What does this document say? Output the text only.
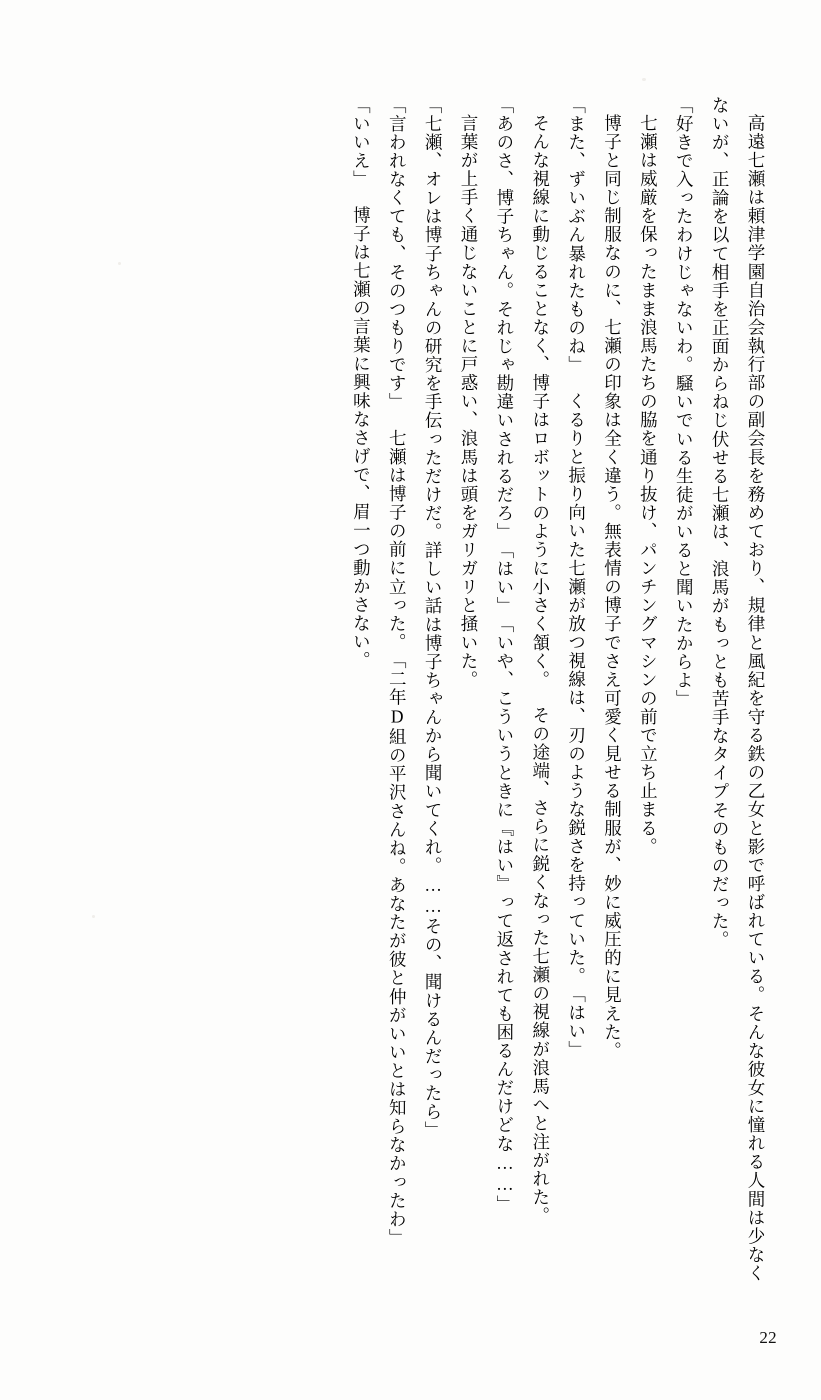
高遠七瀬は頼津学園自治会執行部の副会長を務めており、規律と風紀を守る鉄の乙女と影で呼ばれている。そんな彼女に憧れる人間は少なくないが、正論を以て相手を正面からねじ伏せる七瀬は、浪馬がもっとも苦手なタイプそのものだった。

「好きで入ったわけじゃないわ。騒いでいる生徒がいると聞いたからよ」

七瀬は威厳を保ったまま浪馬たちの脇を通り抜け、パンチングマシンの前で立ち止まる。

博子と同じ制服なのに、七瀬の印象は全く違う。無表情の博子でさえ可愛く見せる制服が、妙に威圧的に見えた。

「また、ずいぶん暴れたものね」

くるりと振り向いた七瀬が放つ視線は、刃のような鋭さを持っていた。

「はい」

そんな視線に動じることなく、博子はロボットのように小さく頷く。

その途端、さらに鋭くなった七瀬の視線が浪馬へと注がれた。

「あのさ、博子ちゃん。それじゃ勘違いされるだろ」

「はい」

「いや、こういうときに『はい』って返されても困るんだけどな……」

言葉が上手く通じないことに戸惑い、浪馬は頭をガリガリと掻いた。

「七瀬、オレは博子ちゃんの研究を手伝っただけだ。詳しい話は博子ちゃんから聞いてくれ。……その、聞けるんだったら」

「言われなくても、そのつもりです」

七瀬は博子の前に立った。

「二年D組の平沢さんね。あなたが彼と仲がいいとは知らなかったわ」

「いいえ」

博子は七瀬の言葉に興味なさげで、眉一つ動かさない。

22
